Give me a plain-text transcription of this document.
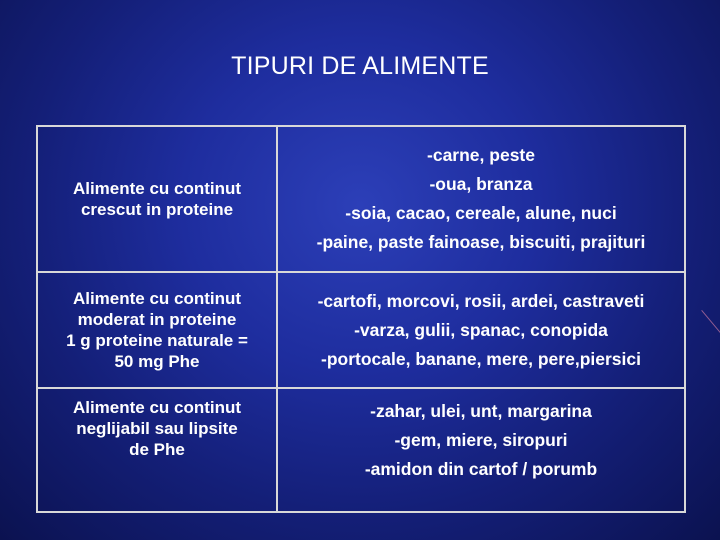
TIPURI DE ALIMENTE
Alimente cu continut
crescut in proteine	-carne, peste
-oua, branza
-soia, cacao, cereale, alune, nuci
-paine, paste fainoase, biscuiti, prajituri

Alimente cu continut
moderat in proteine
1 g proteine naturale =
50 mg Phe	-cartofi, morcovi, rosii, ardei, castraveti
-varza, gulii, spanac, conopida
-portocale, banane, mere, pere,piersici

Alimente cu continut
neglijabil sau lipsite
de Phe	-zahar, ulei, unt, margarina
-gem, miere, siropuri
-amidon din cartof / porumb
